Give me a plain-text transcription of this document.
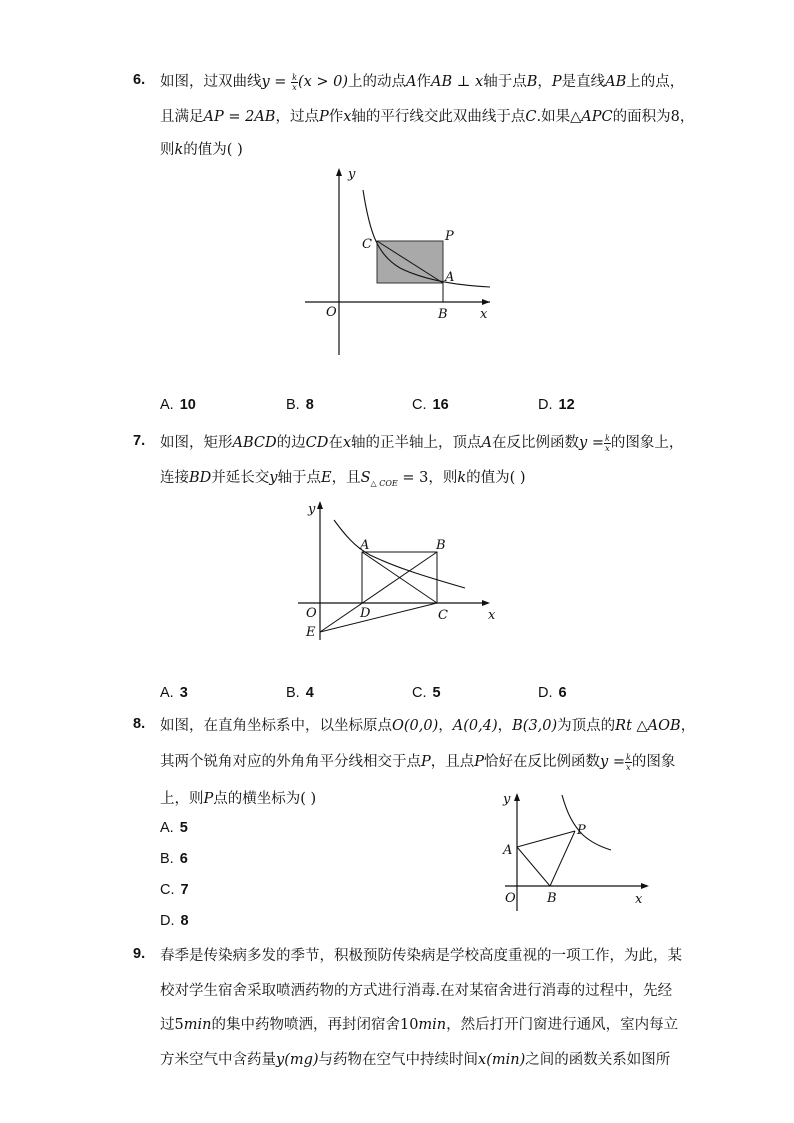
6. 如图，过双曲线$y = \frac{k}{x} (x > 0)$上的动点A作AB ⊥ x轴于点B，P是直线AB上的点，
且满足AP = 2AB，过点P作x轴的平行线交此双曲线于点C.如果△APC的面积为8，
则k的值为( )
y
x
O	B
A
C
P
A. 10	B. 8	C. 16	D. 12
7. 如图，矩形ABCD的边CD在x轴的正半轴上，顶点A在反比例函数$y = \frac{k}{x}$ 的图象上，
连接BD并延长交y轴于点E，且$S_{\triangle COE} = 3$，则k的值为( )
y
x
O	D	C
A	B
E
A. 3	B. 4	C. 5	D. 6
8. 如图，在直角坐标系中，以坐标原点O(0,0)，A(0,4)，B(3,0)为顶点的Rt △AOB，
其两个锐角对应的外角角平分线相交于点P，且点P恰好在反比例函数$y = \frac{k}{x}$ 的图象
上，则P点的横坐标为( )
A. 5
B. 6
C. 7
D. 8
y
x
O B
A
P
9. 春季是传染病多发的季节，积极预防传染病是学校高度重视的一项工作，为此，某
校对学生宿舍采取喷洒药物的方式进行消毒.在对某宿舍进行消毒的过程中，先经
过5min的集中药物喷洒，再封闭宿舍10min，然后打开门窗进行通风，室内每立
方米空气中含药量y(mg)与药物在空气中持续时间x(min)之间的函数关系如图所
